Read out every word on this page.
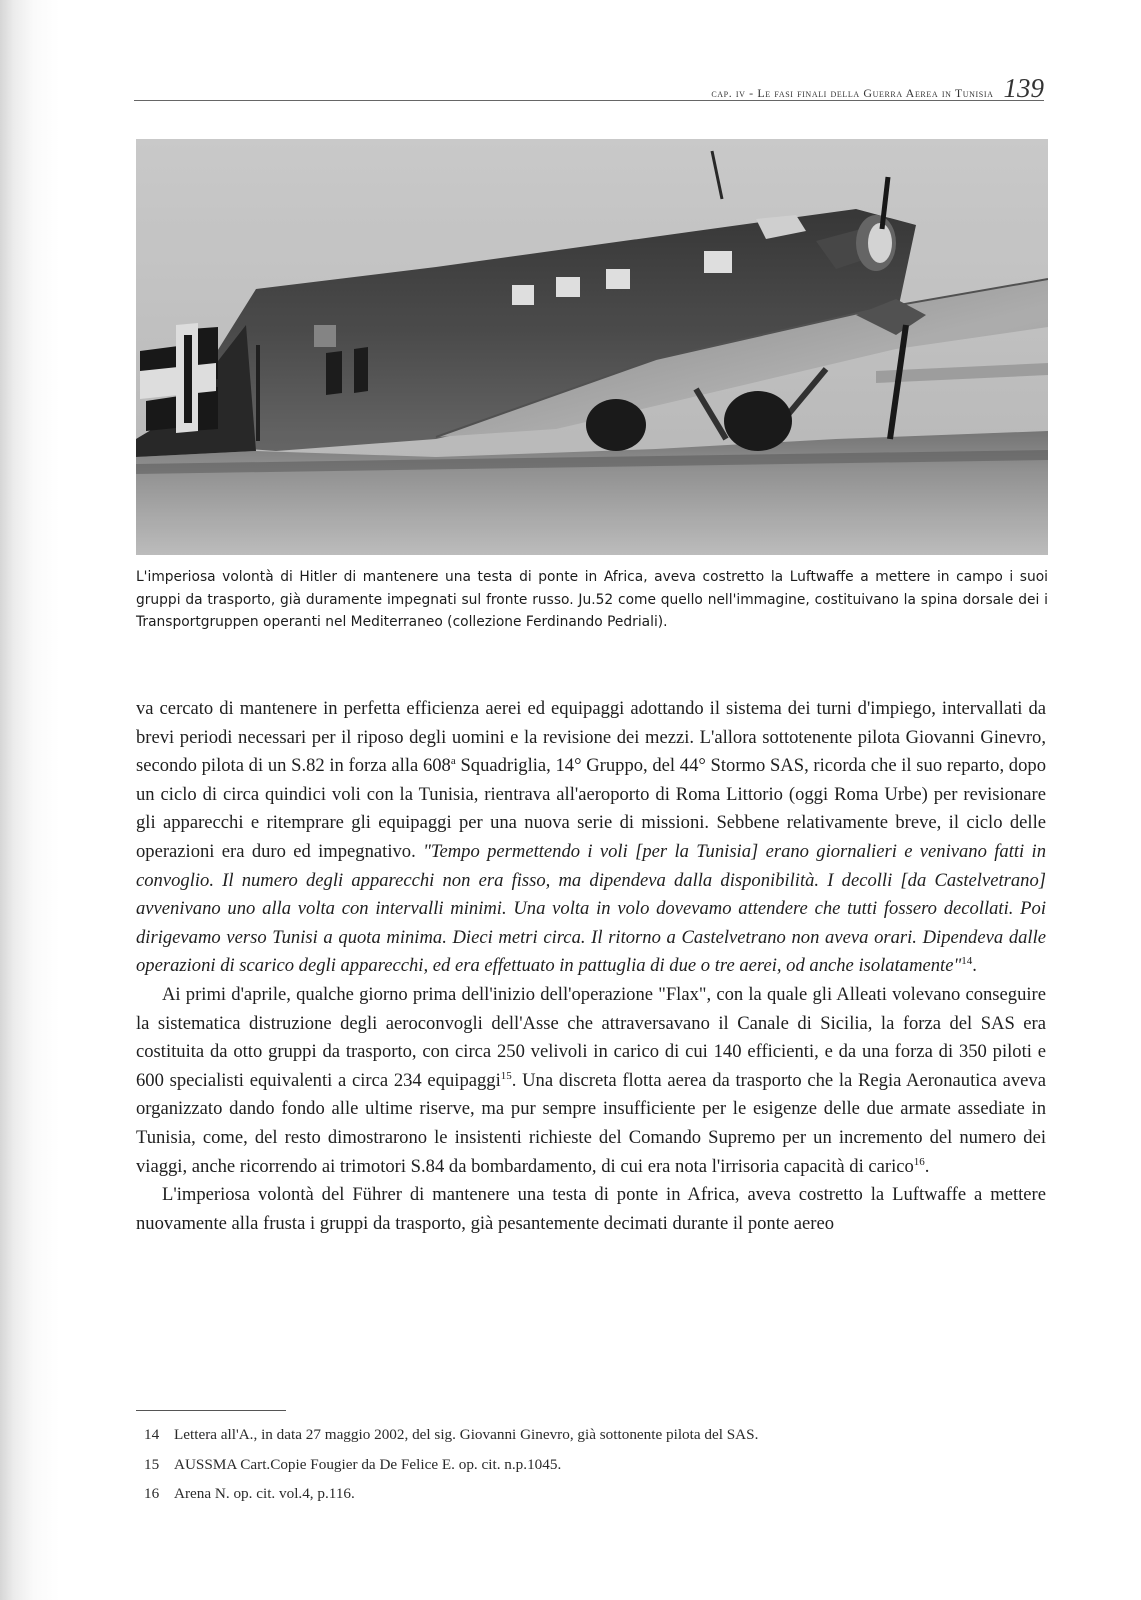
cap. iv - Le fasi finali della Guerra Aerea in Tunisia 139

L'imperiosa volontà di Hitler di mantenere una testa di ponte in Africa, aveva costretto la Luftwaffe a mettere in campo i suoi gruppi da trasporto, già duramente impegnati sul fronte russo. Ju.52 come quello nell'immagine, costituivano la spina dorsale dei i Transportgruppen operanti nel Mediterraneo (collezione Ferdinando Pedriali).

va cercato di mantenere in perfetta efficienza aerei ed equipaggi adottando il sistema dei turni d'impiego, intervallati da brevi periodi necessari per il riposo degli uomini e la revisione dei mezzi. L'allora sottotenente pilota Giovanni Ginevro, secondo pilota di un S.82 in forza alla 608$^a$ Squadriglia, 14° Gruppo, del 44° Stormo SAS, ricorda che il suo reparto, dopo un ciclo di circa quindici voli con la Tunisia, rientrava all'aeroporto di Roma Littorio (oggi Roma Urbe) per revisionare gli apparecchi e ritemprare gli equipaggi per una nuova serie di missioni. Sebbene relativamente breve, il ciclo delle operazioni era duro ed impegnativo. "Tempo permettendo i voli [per la Tunisia] erano giornalieri e venivano fatti in convoglio. Il numero degli apparecchi non era fisso, ma dipendeva dalla disponibilità. I decolli [da Castelvetrano] avvenivano uno alla volta con intervalli minimi. Una volta in volo dovevamo attendere che tutti fossero decollati. Poi dirigevamo verso Tunisi a quota minima. Dieci metri circa. Il ritorno a Castelvetrano non aveva orari. Dipendeva dalle operazioni di scarico degli apparecchi, ed era effettuato in pattuglia di due o tre aerei, od anche isolatamente"$^{14}$.

Ai primi d'aprile, qualche giorno prima dell'inizio dell'operazione "Flax", con la quale gli Alleati volevano conseguire la sistematica distruzione degli aeroconvogli dell'Asse che attraversavano il Canale di Sicilia, la forza del SAS era costituita da otto gruppi da trasporto, con circa 250 velivoli in carico di cui 140 efficienti, e da una forza di 350 piloti e 600 specialisti equivalenti a circa 234 equipaggi$^{15}$. Una discreta flotta aerea da trasporto che la Regia Aeronautica aveva organizzato dando fondo alle ultime riserve, ma pur sempre insufficiente per le esigenze delle due armate assediate in Tunisia, come, del resto dimostrarono le insistenti richieste del Comando Supremo per un incremento del numero dei viaggi, anche ricorrendo ai trimotori S.84 da bombardamento, di cui era nota l'irrisoria capacità di carico$^{16}$.

L'imperiosa volontà del Führer di mantenere una testa di ponte in Africa, aveva costretto la Luftwaffe a mettere nuovamente alla frusta i gruppi da trasporto, già pesantemente decimati durante il ponte aereo

14 Lettera all'A., in data 27 maggio 2002, del sig. Giovanni Ginevro, già sottonente pilota del SAS.
15 AUSSMA Cart.Copie Fougier da De Felice E. op. cit. n.p.1045.
16 Arena N. op. cit. vol.4, p.116.
